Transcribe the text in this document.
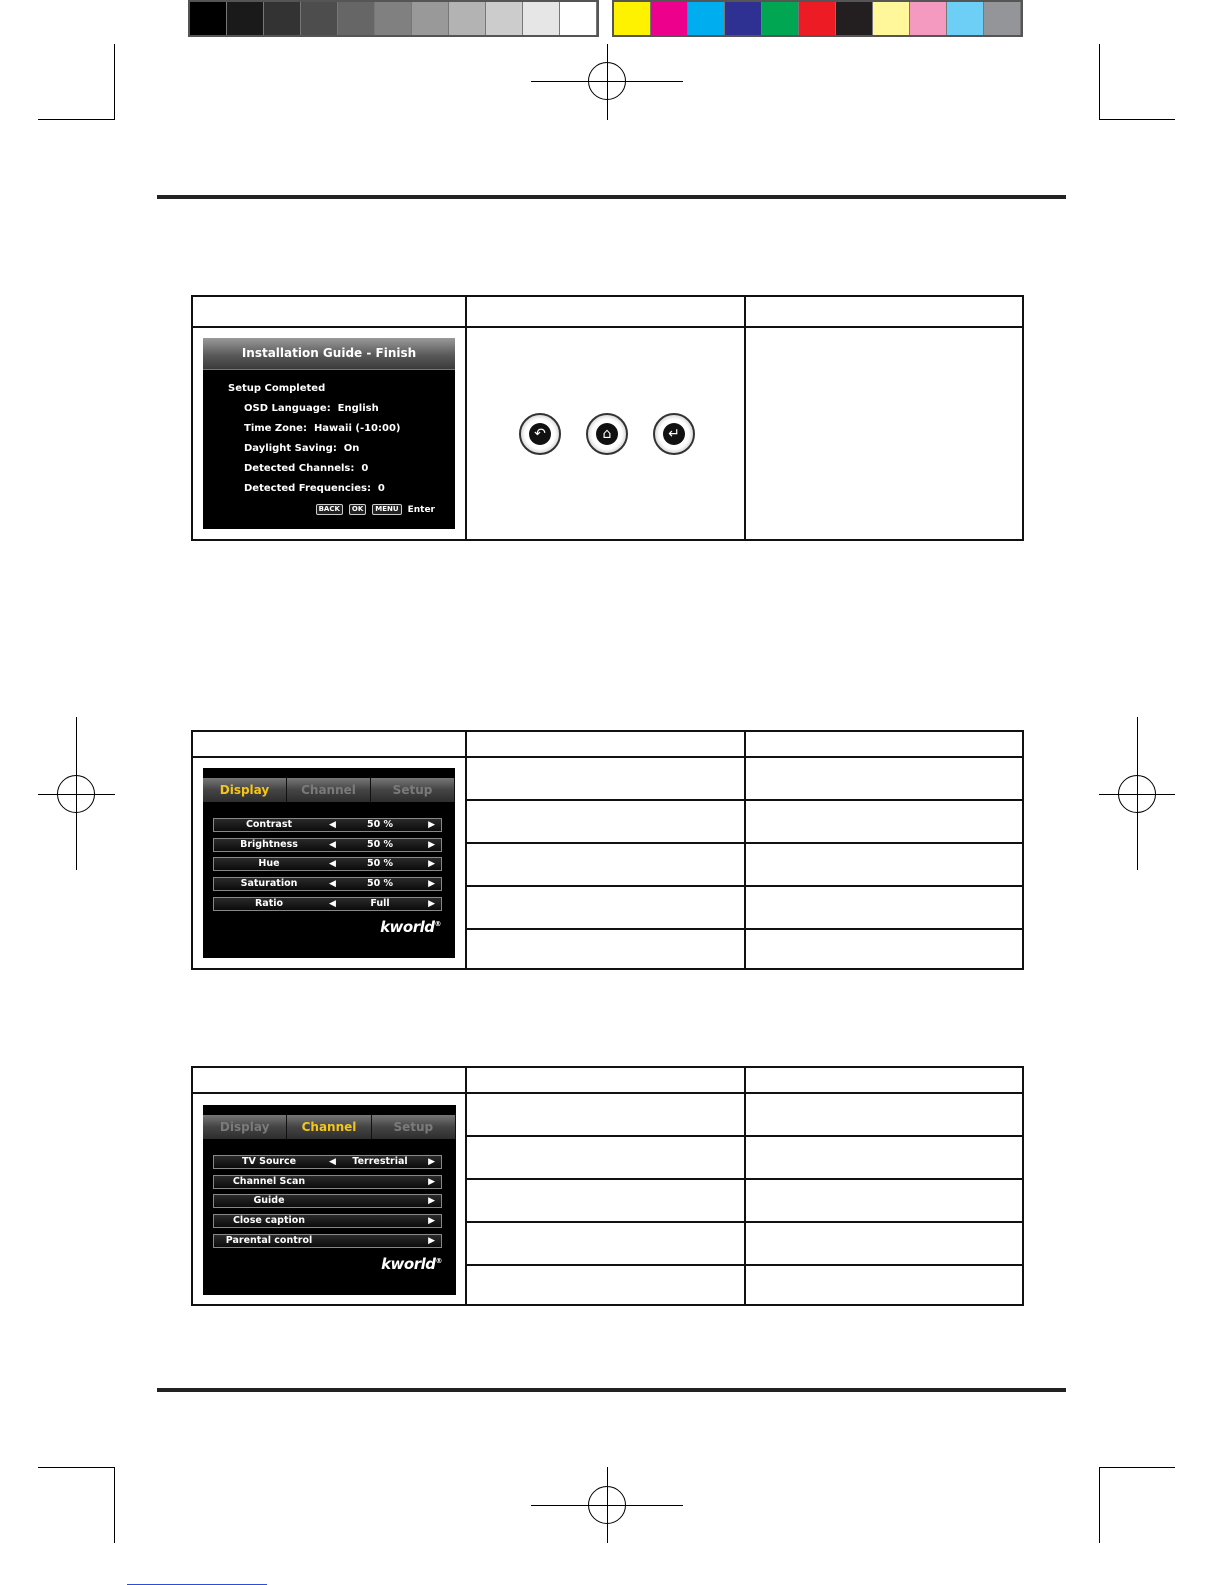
Installation Guide - Finish
Setup Completed
OSD Language: English
Time Zone: Hawaii (-10:00)
Daylight Saving: On
Detected Channels: 0
Detected Frequencies: 0
BACK	OK	MENU	Enter
↶	⌂	↵

Display	Channel	Setup
Contrast	◀	50 %	▶
Brightness	◀	50 %	▶
Hue	◀	50 %	▶
Saturation	◀	50 %	▶
Ratio	◀	Full	▶
kworld®

Display	Channel	Setup
TV Source	◀	Terrestrial	▶
Channel Scan	▶
Guide	▶
Close caption	▶
Parental control	▶
kworld®
